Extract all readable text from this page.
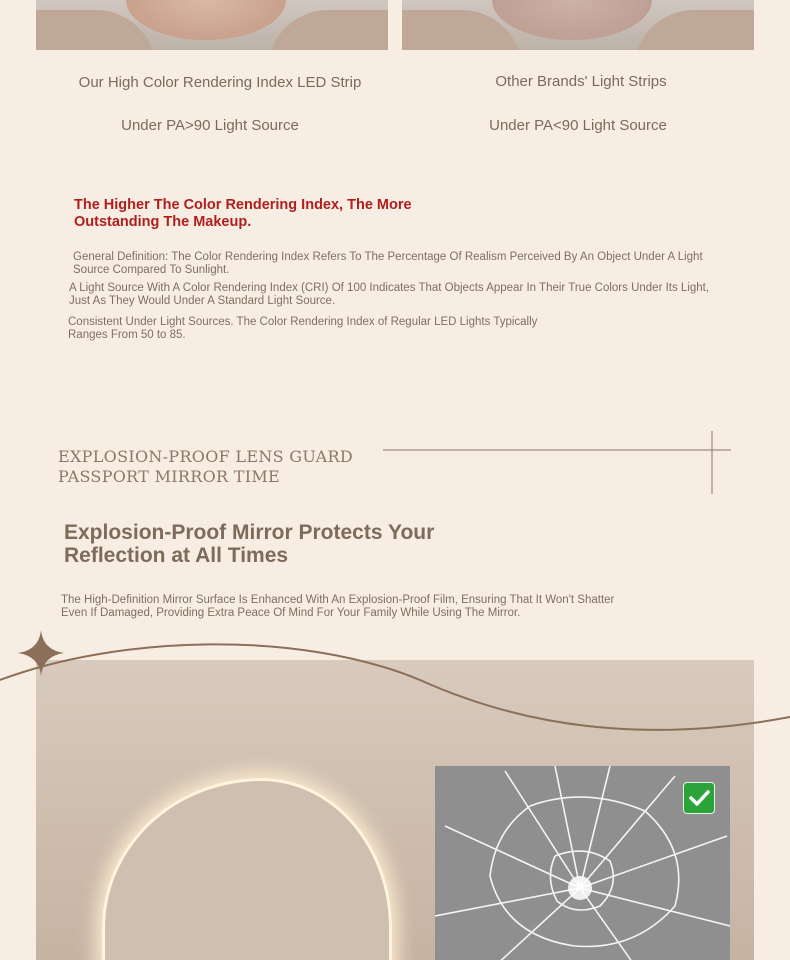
Our High Color Rendering Index LED Strip
Under PA>90 Light Source
Other Brands' Light Strips
Under PA<90 Light Source
The Higher The Color Rendering Index, The More Outstanding The Makeup.
General Definition: The Color Rendering Index Refers To The Percentage Of Realism Perceived By An Object Under A Light Source Compared To Sunlight.
A Light Source With A Color Rendering Index (CRI) Of 100 Indicates That Objects Appear In Their True Colors Under Its Light, Just As They Would Under A Standard Light Source.
Consistent Under Light Sources. The Color Rendering Index of Regular LED Lights Typically Ranges From 50 to 85.
EXPLOSION-PROOF LENS GUARD
PASSPORT MIRROR TIME
Explosion-Proof Mirror Protects Your Reflection at All Times
The High-Definition Mirror Surface Is Enhanced With An Explosion-Proof Film, Ensuring That It Won't Shatter Even If Damaged, Providing Extra Peace Of Mind For Your Family While Using The Mirror.
